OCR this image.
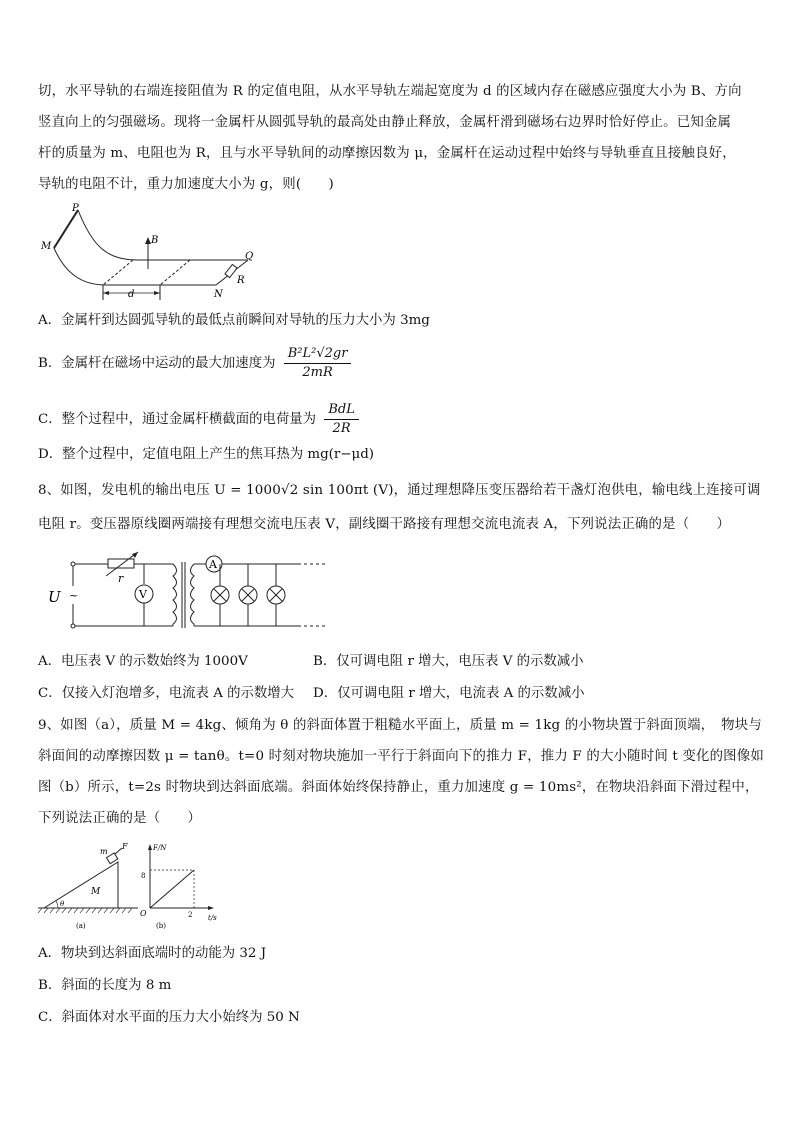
切，水平导轨的右端连接阻值为 R 的定值电阻，从水平导轨左端起宽度为 d 的区域内存在磁感应强度大小为 B、方向
竖直向上的匀强磁场。现将一金属杆从圆弧导轨的最高处由静止释放，金属杆滑到磁场右边界时恰好停止。已知金属
杆的质量为 m、电阻也为 R，且与水平导轨间的动摩擦因数为 μ，金属杆在运动过程中始终与导轨垂直且接触良好，
导轨的电阻不计，重力加速度大小为 g，则(　　)
P
M
B
Q
R
N
d
A．金属杆到达圆弧导轨的最低点前瞬间对导轨的压力大小为 3mg
B．金属杆在磁场中运动的最大加速度为 $\frac{\text{B²L²√2gr}}{2mR}$
C．整个过程中，通过金属杆横截面的电荷量为 $\frac{\text{BdL}}{2R}$
D．整个过程中，定值电阻上产生的焦耳热为 mg(r−μd)
8、如图，发电机的输出电压 U = 1000√2 sin 100πt (V)，通过理想降压变压器给若干盏灯泡供电，输电线上连接可调
电阻 r。变压器原线圈两端接有理想交流电压表 V，副线圈干路接有理想交流电流表 A，下列说法正确的是（　　）
~
U
r
V
A
A．电压表 V 的示数始终为 1000V	B．仅可调电阻 r 增大，电压表 V 的示数减小
C．仅接入灯泡增多，电流表 A 的示数增大 D．仅可调电阻 r 增大，电流表 A 的示数减小
9、如图（a），质量 M = 4kg、倾角为 θ 的斜面体置于粗糙水平面上，质量 m = 1kg 的小物块置于斜面顶端，　物块与
斜面间的动摩擦因数 μ = tanθ。t=0 时刻对物块施加一平行于斜面向下的推力 F，推力 F 的大小随时间 t 变化的图像如
图（b）所示，t=2s 时物块到达斜面底端。斜面体始终保持静止，重力加速度 g = 10ms²，在物块沿斜面下滑过程中，
下列说法正确的是（　　）
m
F
M
θ
(a)
F/N
t/s
O
8
2
(b)
A．物块到达斜面底端时的动能为 32 J
B．斜面的长度为 8 m
C．斜面体对水平面的压力大小始终为 50 N
